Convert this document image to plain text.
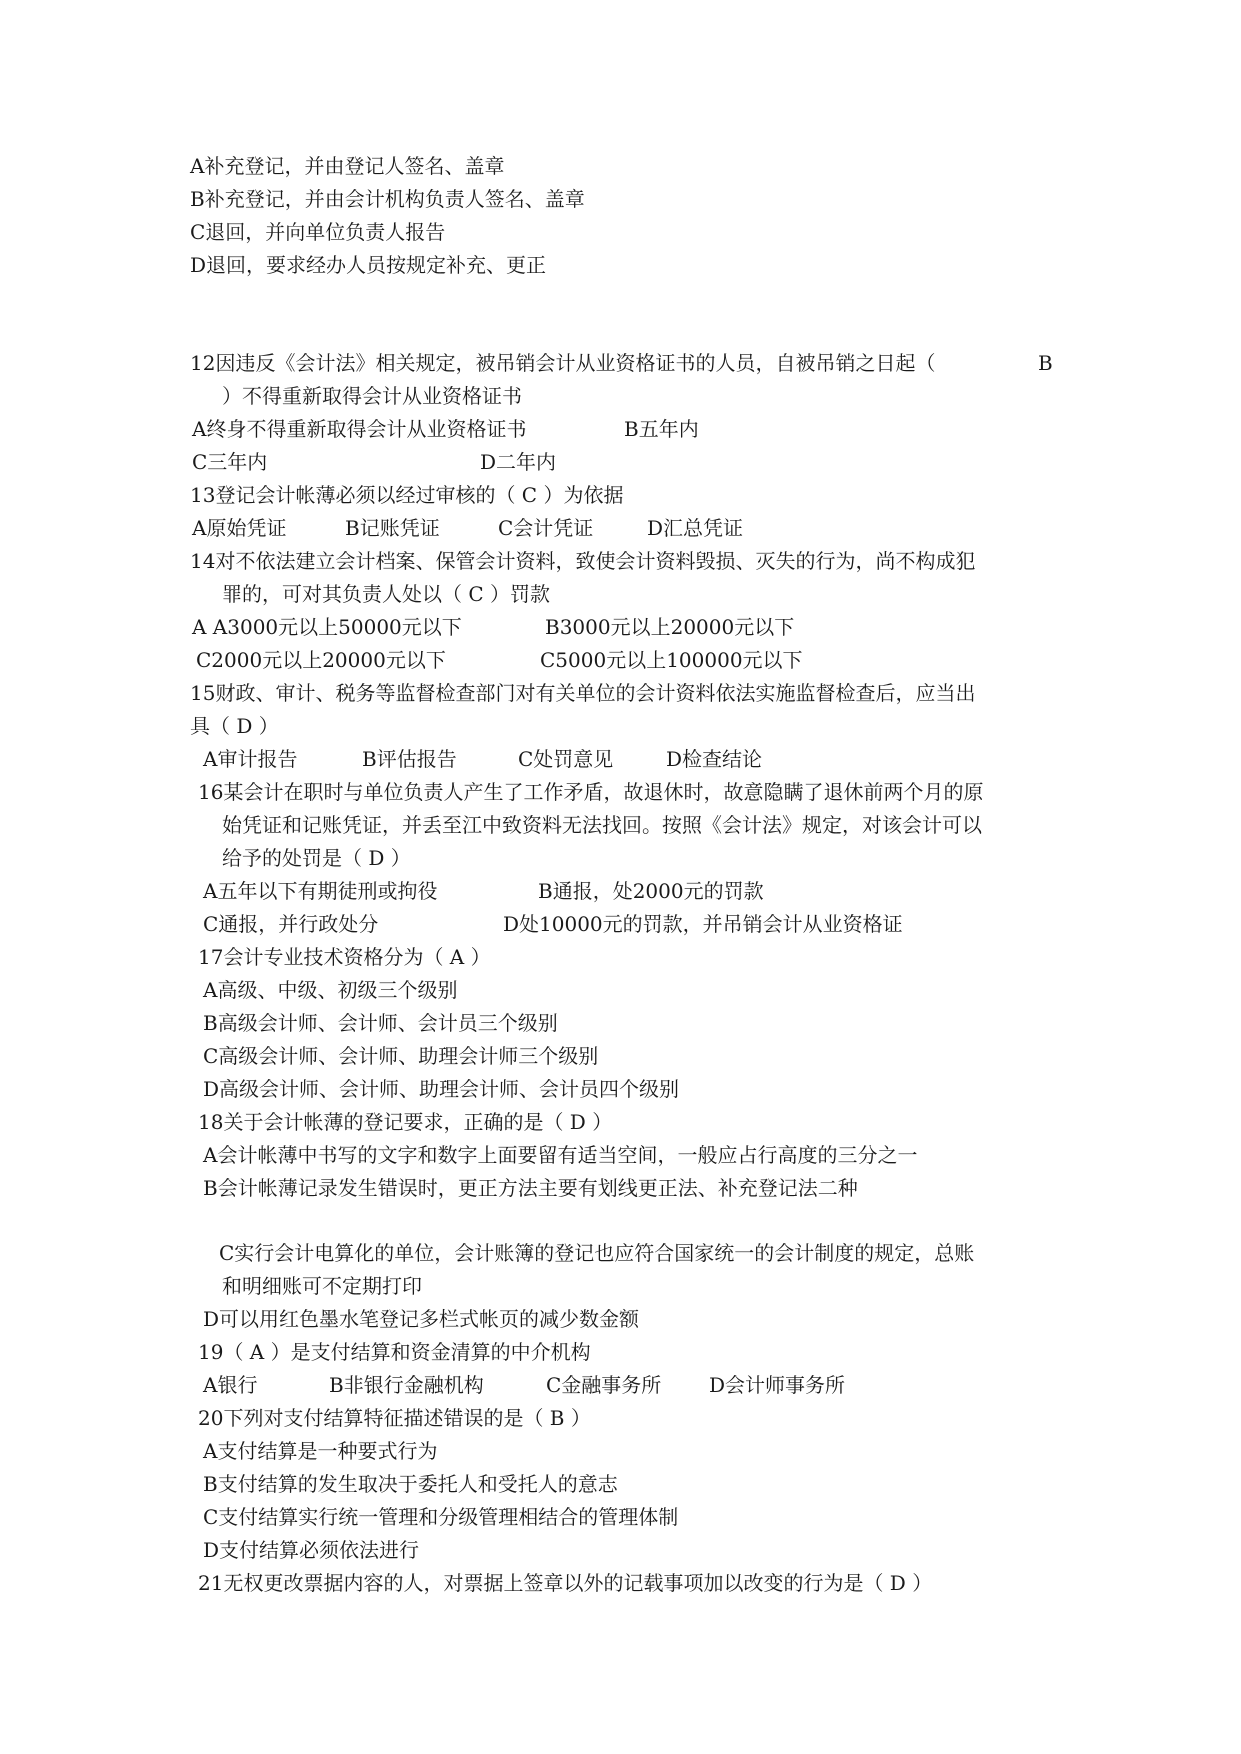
A补充登记，并由登记人签名、盖章
B补充登记，并由会计机构负责人签名、盖章
C退回，并向单位负责人报告
D退回，要求经办人员按规定补充、更正
12因违反《会计法》相关规定，被吊销会计从业资格证书的人员，自被吊销之日起（	B
）不得重新取得会计从业资格证书
A终身不得重新取得会计从业资格证书	B五年内
C三年内	D二年内
13登记会计帐薄必须以经过审核的（ C ）为依据
A原始凭证	B记账凭证	C会计凭证	D汇总凭证
14对不依法建立会计档案、保管会计资料，致使会计资料毁损、灭失的行为，尚不构成犯
罪的，可对其负责人处以（ C ）罚款
A A3000元以上50000元以下	B3000元以上20000元以下
C2000元以上20000元以下	C5000元以上100000元以下
15财政、审计、税务等监督检查部门对有关单位的会计资料依法实施监督检查后，应当出
具（ D ）
A审计报告	B评估报告	C处罚意见	D检查结论
16某会计在职时与单位负责人产生了工作矛盾，故退休时，故意隐瞒了退休前两个月的原
始凭证和记账凭证，并丢至江中致资料无法找回。按照《会计法》规定，对该会计可以
给予的处罚是（ D ）
A五年以下有期徒刑或拘役	B通报，处2000元的罚款
C通报，并行政处分	D处10000元的罚款，并吊销会计从业资格证
17会计专业技术资格分为（ A ）
A高级、中级、初级三个级别
B高级会计师、会计师、会计员三个级别
C高级会计师、会计师、助理会计师三个级别
D高级会计师、会计师、助理会计师、会计员四个级别
18关于会计帐薄的登记要求，正确的是（ D ）
A会计帐薄中书写的文字和数字上面要留有适当空间，一般应占行高度的三分之一
B会计帐薄记录发生错误时，更正方法主要有划线更正法、补充登记法二种
C实行会计电算化的单位，会计账簿的登记也应符合国家统一的会计制度的规定，总账
和明细账可不定期打印
D可以用红色墨水笔登记多栏式帐页的减少数金额
19（ A ）是支付结算和资金清算的中介机构
A银行	B非银行金融机构	C金融事务所 D会计师事务所
20下列对支付结算特征描述错误的是（ B ）
A支付结算是一种要式行为
B支付结算的发生取决于委托人和受托人的意志
C支付结算实行统一管理和分级管理相结合的管理体制
D支付结算必须依法进行
21无权更改票据内容的人，对票据上签章以外的记载事项加以改变的行为是（ D ）
